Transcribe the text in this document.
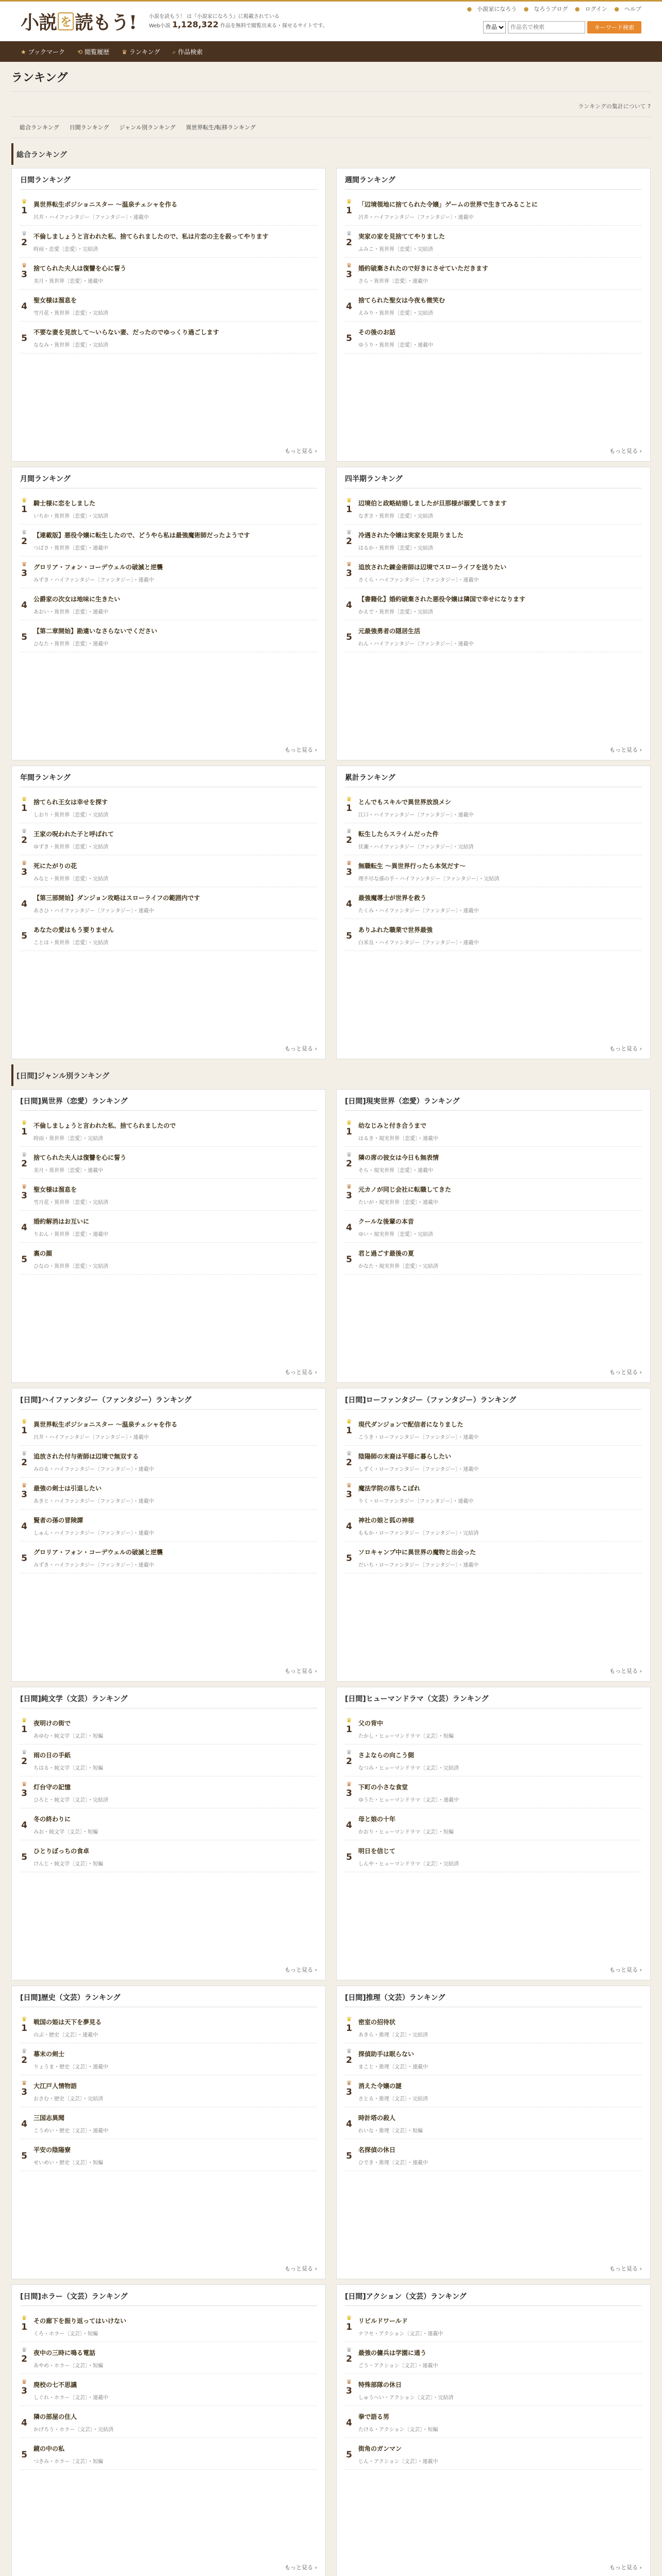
小説 を 読もう! 小説を読もう！ は『小説家になろう』に掲載されている
Web小説 1,128,322 作品を無料で閲覧出来る・探せるサイトです。
● 小説家になろう ● なろうブログ ● ログイン ● ヘルプ
作品
作品名で検索
キーワード検索
★ ブックマーク ⟲ 閲覧履歴 ♛ ランキング ⌕ 作品検索
ランキング
ランキングの集計について ?
総合ランキング 日間ランキング ジャンル別ランキング 異世界転生/転移ランキング
総合ランキング
日間ランキング
♛
1
異世界転生ポジショニスター ～温泉チェシャを作る
呂井・ハイファンタジー〔ファンタジー〕・連載中
♛
2
不倫しましょうと言われた私、捨てられましたので、私は片恋の主を殺ってやります
時雨・恋愛〔恋愛〕・完結済
♛
3
捨てられた夫人は復讐を心に誓う
美月・異世界〔恋愛〕・連載中
4
聖女様は溜息を
雪月花・異世界〔恋愛〕・完結済
5
不要な妻を見放して～いらない妻、だったのでゆっくり過ごします
ななみ・異世界〔恋愛〕・完結済
もっと見る ›
週間ランキング
♛
1
「辺境領地に捨てられた令嬢」ゲームの世界で生きてみることに
呂井・ハイファンタジー〔ファンタジー〕・連載中
♛
2
実家の家を見捨ててやりました
ふみこ・異世界〔恋愛〕・完結済
♛
3
婚約破棄されたので好きにさせていただきます
さら・異世界〔恋愛〕・連載中
4
捨てられた聖女は今夜も微笑む
えみり・異世界〔恋愛〕・完結済
5
その後のお話
ゆうり・異世界〔恋愛〕・連載中
もっと見る ›
月間ランキング
♛
1
騎士様に恋をしました
いちか・異世界〔恋愛〕・完結済
♛
2
【連載版】悪役令嬢に転生したので、どうやら私は最強魔術師だったようです
つばさ・異世界〔恋愛〕・連載中
♛
3
グロリア・フォン・コーデウェルの破滅と逆襲
みずき・ハイファンタジー〔ファンタジー〕・連載中
4
公爵家の次女は地味に生きたい
あおい・異世界〔恋愛〕・連載中
5
【第二章開始】勘違いなさらないでください
ひなた・異世界〔恋愛〕・連載中
もっと見る ›
四半期ランキング
♛
1
辺境伯と政略結婚しましたが旦那様が溺愛してきます
なぎさ・異世界〔恋愛〕・完結済
♛
2
冷遇された令嬢は実家を見限りました
はるか・異世界〔恋愛〕・完結済
♛
3
追放された錬金術師は辺境でスローライフを送りたい
さくら・ハイファンタジー〔ファンタジー〕・連載中
4
【書籍化】婚約破棄された悪役令嬢は隣国で幸せになります
かえで・異世界〔恋愛〕・完結済
5
元最強勇者の隠居生活
れん・ハイファンタジー〔ファンタジー〕・連載中
もっと見る ›
年間ランキング
♛
1
捨てられ王女は幸せを探す
しおり・異世界〔恋愛〕・完結済
♛
2
王家の呪われた子と呼ばれて
ゆずき・異世界〔恋愛〕・完結済
♛
3
死にたがりの花
みなと・異世界〔恋愛〕・完結済
4
【第三部開始】ダンジョン攻略はスローライフの範囲内です
あさひ・ハイファンタジー〔ファンタジー〕・連載中
5
あなたの愛はもう要りません
ことは・異世界〔恋愛〕・完結済
もっと見る ›
累計ランキング
♛
1
とんでもスキルで異世界放浪メシ
江口・ハイファンタジー〔ファンタジー〕・連載中
♛
2
転生したらスライムだった件
伏瀬・ハイファンタジー〔ファンタジー〕・完結済
♛
3
無職転生 ～異世界行ったら本気だす～
理不尽な孫の手・ハイファンタジー〔ファンタジー〕・完結済
4
最強魔導士が世界を救う
たくみ・ハイファンタジー〔ファンタジー〕・連載中
5
ありふれた職業で世界最強
白米良・ハイファンタジー〔ファンタジー〕・連載中
もっと見る ›
[日間]ジャンル別ランキング
[日間]異世界（恋愛）ランキング
♛
1
不倫しましょうと言われた私、捨てられましたので
時雨・異世界〔恋愛〕・完結済
♛
2
捨てられた夫人は復讐を心に誓う
美月・異世界〔恋愛〕・連載中
♛
3
聖女様は溜息を
雪月花・異世界〔恋愛〕・完結済
4
婚約解消はお互いに
りおん・異世界〔恋愛〕・連載中
5
裏の顔
ひなの・異世界〔恋愛〕・完結済
もっと見る ›
[日間]現実世界（恋愛）ランキング
♛
1
幼なじみと付き合うまで
はるき・現実世界〔恋愛〕・連載中
♛
2
隣の席の彼女は今日も無表情
そら・現実世界〔恋愛〕・連載中
♛
3
元カノが同じ会社に転職してきた
たいが・現実世界〔恋愛〕・連載中
4
クールな後輩の本音
ゆい・現実世界〔恋愛〕・完結済
5
君と過ごす最後の夏
かなた・現実世界〔恋愛〕・完結済
もっと見る ›
[日間]ハイファンタジー（ファンタジー）ランキング
♛
1
異世界転生ポジショニスター ～温泉チェシャを作る
呂井・ハイファンタジー〔ファンタジー〕・連載中
♛
2
追放された付与術師は辺境で無双する
みのる・ハイファンタジー〔ファンタジー〕・連載中
♛
3
最強の剣士は引退したい
あきと・ハイファンタジー〔ファンタジー〕・連載中
4
賢者の孫の冒険譚
しゅん・ハイファンタジー〔ファンタジー〕・連載中
5
グロリア・フォン・コーデウェルの破滅と逆襲
みずき・ハイファンタジー〔ファンタジー〕・連載中
もっと見る ›
[日間]ローファンタジー（ファンタジー）ランキング
♛
1
現代ダンジョンで配信者になりました
こうき・ローファンタジー〔ファンタジー〕・連載中
♛
2
陰陽師の末裔は平穏に暮らしたい
しずく・ローファンタジー〔ファンタジー〕・連載中
♛
3
魔法学院の落ちこぼれ
りく・ローファンタジー〔ファンタジー〕・連載中
4
神社の娘と狐の神様
ももか・ローファンタジー〔ファンタジー〕・完結済
5
ソロキャンプ中に異世界の魔物と出会った
だいち・ローファンタジー〔ファンタジー〕・連載中
もっと見る ›
[日間]純文学（文芸）ランキング
♛
1
夜明けの街で
あゆむ・純文学〔文芸〕・短編
♛
2
雨の日の手紙
ちはる・純文学〔文芸〕・短編
♛
3
灯台守の記憶
ひろと・純文学〔文芸〕・完結済
4
冬の終わりに
みお・純文学〔文芸〕・短編
5
ひとりぼっちの食卓
けんじ・純文学〔文芸〕・短編
もっと見る ›
[日間]ヒューマンドラマ（文芸）ランキング
♛
1
父の背中
たかし・ヒューマンドラマ〔文芸〕・短編
♛
2
さよならの向こう側
なつみ・ヒューマンドラマ〔文芸〕・完結済
♛
3
下町の小さな食堂
ゆうた・ヒューマンドラマ〔文芸〕・連載中
4
母と娘の十年
かおり・ヒューマンドラマ〔文芸〕・短編
5
明日を信じて
しんや・ヒューマンドラマ〔文芸〕・完結済
もっと見る ›
[日間]歴史（文芸）ランキング
♛
1
戦国の姫は天下を夢見る
のぶ・歴史〔文芸〕・連載中
♛
2
幕末の剣士
りょうま・歴史〔文芸〕・連載中
♛
3
大江戸人情物語
おさむ・歴史〔文芸〕・完結済
4
三国志異聞
こうめい・歴史〔文芸〕・連載中
5
平安の陰陽寮
せいめい・歴史〔文芸〕・短編
もっと見る ›
[日間]推理（文芸）ランキング
♛
1
密室の招待状
あきら・推理〔文芸〕・完結済
♛
2
探偵助手は眠らない
まこと・推理〔文芸〕・連載中
♛
3
消えた令嬢の謎
さとる・推理〔文芸〕・完結済
4
時計塔の殺人
れいな・推理〔文芸〕・短編
5
名探偵の休日
ひでき・推理〔文芸〕・連載中
もっと見る ›
[日間]ホラー（文芸）ランキング
♛
1
その廊下を振り返ってはいけない
くろ・ホラー〔文芸〕・短編
♛
2
夜中の三時に鳴る電話
あやめ・ホラー〔文芸〕・短編
♛
3
廃校の七不思議
しぐれ・ホラー〔文芸〕・連載中
4
隣の部屋の住人
かげろう・ホラー〔文芸〕・完結済
5
鏡の中の私
つきみ・ホラー〔文芸〕・短編
もっと見る ›
[日間]アクション（文芸）ランキング
♛
1
リビルドワールド
ナフセ・アクション〔文芸〕・連載中
♛
2
最強の傭兵は学園に通う
ごう・アクション〔文芸〕・連載中
♛
3
特殊部隊の休日
しゅうへい・アクション〔文芸〕・完結済
4
拳で語る男
たける・アクション〔文芸〕・短編
5
街角のガンマン
じん・アクション〔文芸〕・連載中
もっと見る ›
